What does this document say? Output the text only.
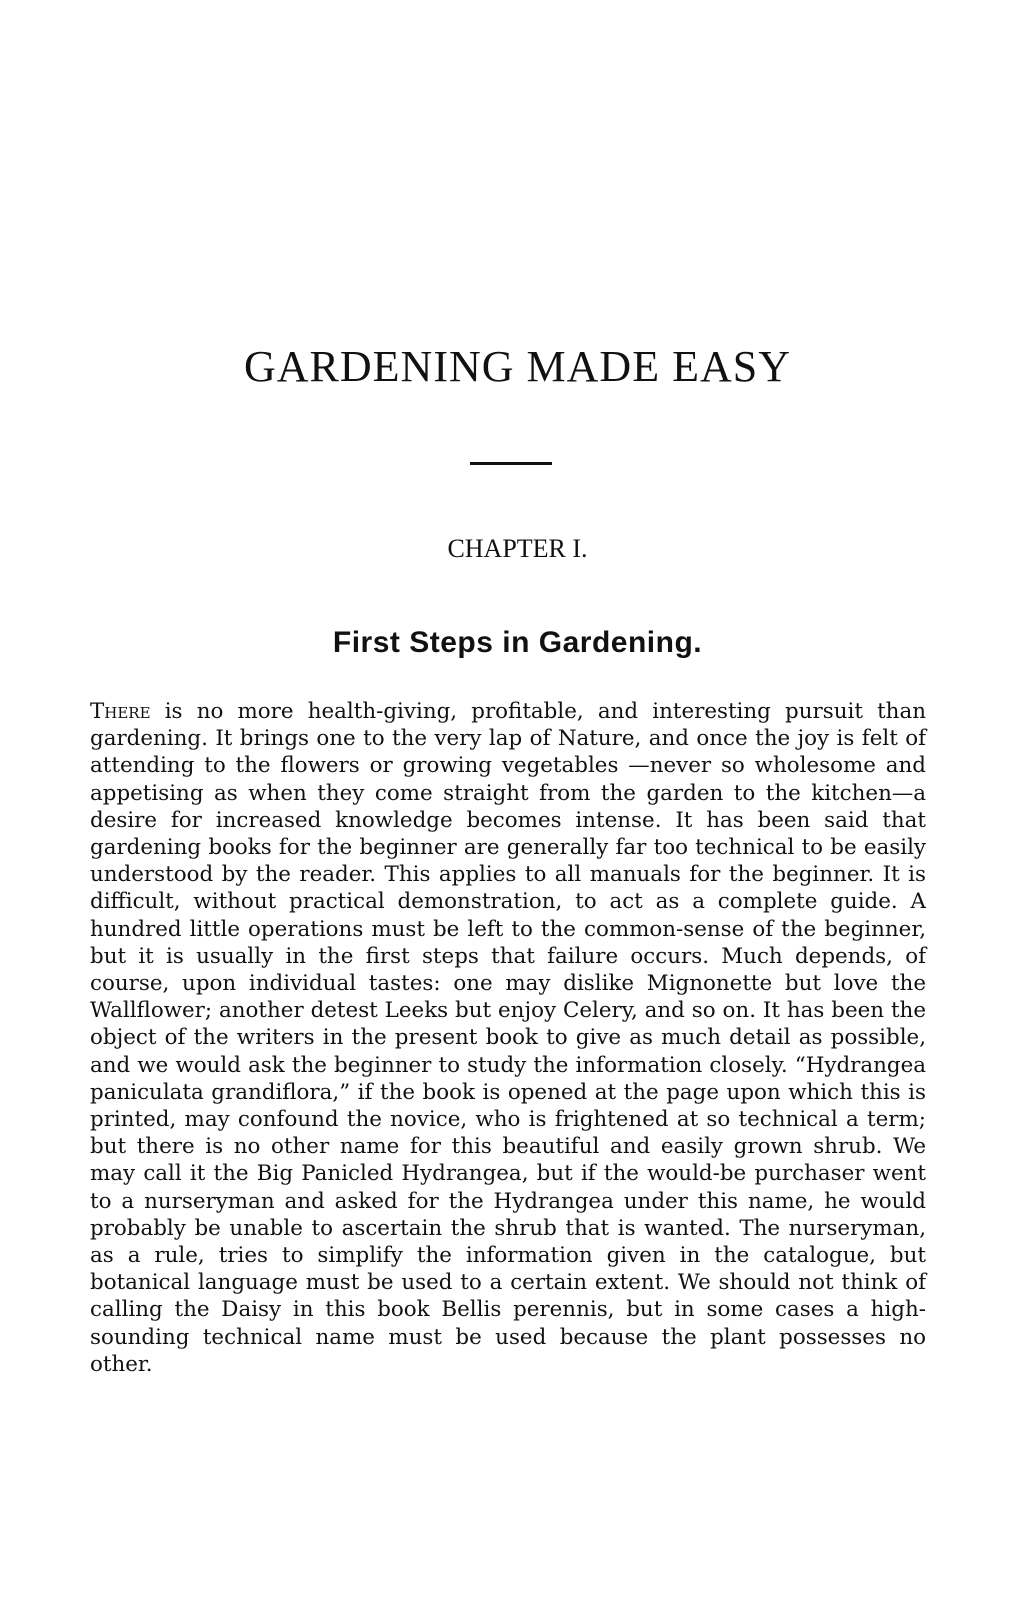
GARDENING MADE EASY
CHAPTER I.
First Steps in Gardening.

There is no more health-giving, profitable, and interesting pursuit than gardening. It brings one to the very lap of Nature, and once the joy is felt of attending to the flowers or growing vegetables —never so wholesome and appetising as when they come straight from the garden to the kitchen—a desire for increased knowledge becomes intense. It has been said that gardening books for the beginner are generally far too technical to be easily understood by the reader. This applies to all manuals for the beginner. It is difficult, without practical demonstration, to act as a complete guide. A hundred little operations must be left to the common-sense of the beginner, but it is usually in the first steps that failure occurs. Much depends, of course, upon individual tastes: one may dislike Mignonette but love the Wallflower; another detest Leeks but enjoy Celery, and so on. It has been the object of the writers in the present book to give as much detail as possible, and we would ask the beginner to study the information closely. “Hydrangea paniculata grandiflora,” if the book is opened at the page upon which this is printed, may confound the novice, who is frightened at so technical a term; but there is no other name for this beautiful and easily grown shrub. We may call it the Big Panicled Hydrangea, but if the would-be purchaser went to a nurseryman and asked for the Hydrangea under this name, he would probably be unable to ascertain the shrub that is wanted. The nurseryman, as a rule, tries to simplify the information given in the catalogue, but botanical language must be used to a certain extent. We should not think of calling the Daisy in this book Bellis perennis, but in some cases a high-sounding technical name must be used because the plant possesses no other.
